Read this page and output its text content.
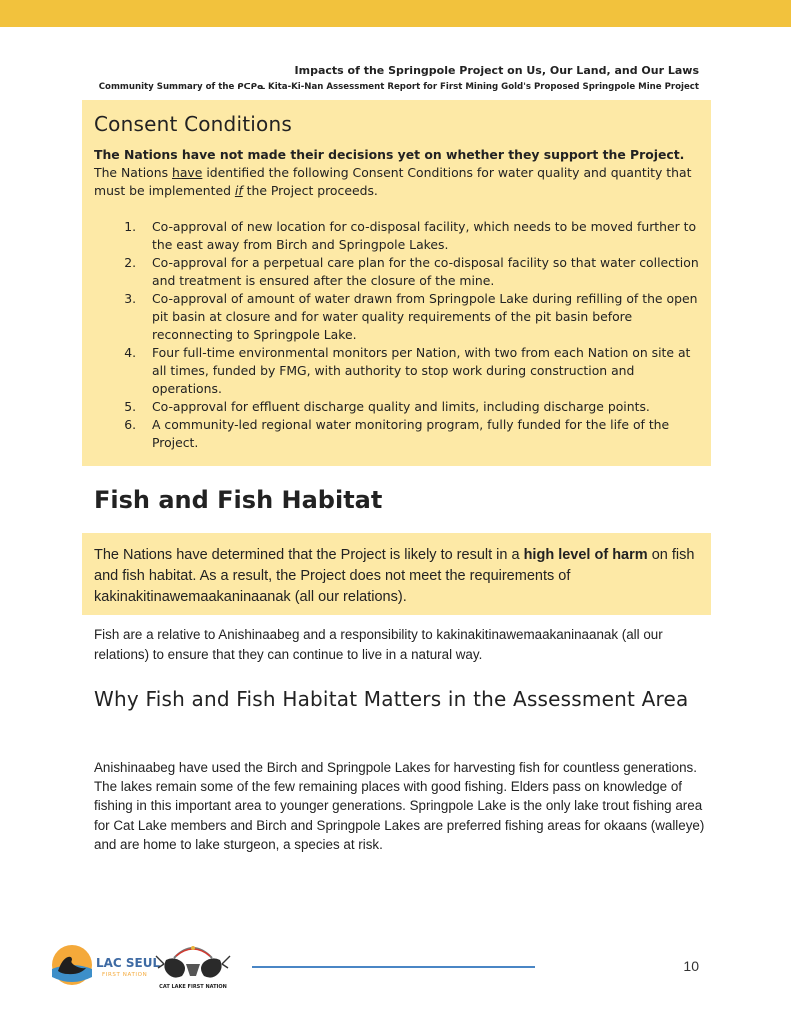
Impacts of the Springpole Project on Us, Our Land, and Our Laws
Community Summary of the ᑭᑕᑭᓇ Kita-Ki-Nan Assessment Report for First Mining Gold's Proposed Springpole Mine Project
Consent Conditions

The Nations have not made their decisions yet on whether they support the Project. The Nations have identified the following Consent Conditions for water quality and quantity that must be implemented if the Project proceeds.

1. Co-approval of new location for co-disposal facility, which needs to be moved further to the east away from Birch and Springpole Lakes.
2. Co-approval for a perpetual care plan for the co-disposal facility so that water collection and treatment is ensured after the closure of the mine.
3. Co-approval of amount of water drawn from Springpole Lake during refilling of the open pit basin at closure and for water quality requirements of the pit basin before reconnecting to Springpole Lake.
4. Four full-time environmental monitors per Nation, with two from each Nation on site at all times, funded by FMG, with authority to stop work during construction and operations.
5. Co-approval for effluent discharge quality and limits, including discharge points.
6. A community-led regional water monitoring program, fully funded for the life of the Project.
Fish and Fish Habitat

The Nations have determined that the Project is likely to result in a high level of harm on fish and fish habitat. As a result, the Project does not meet the requirements of kakinakitinawemaakaninaanak (all our relations).

Fish are a relative to Anishinaabeg and a responsibility to kakinakitinawemaakaninaanak (all our relations) to ensure that they can continue to live in a natural way.

Why Fish and Fish Habitat Matters in the Assessment Area

Anishinaabeg have used the Birch and Springpole Lakes for harvesting fish for countless generations. The lakes remain some of the few remaining places with good fishing. Elders pass on knowledge of fishing in this important area to younger generations. Springpole Lake is the only lake trout fishing area for Cat Lake members and Birch and Springpole Lakes are preferred fishing areas for okaans (walleye) and are home to lake sturgeon, a species at risk.

LAC SEUL
FIRST NATION
CAT LAKE FIRST NATION
10
